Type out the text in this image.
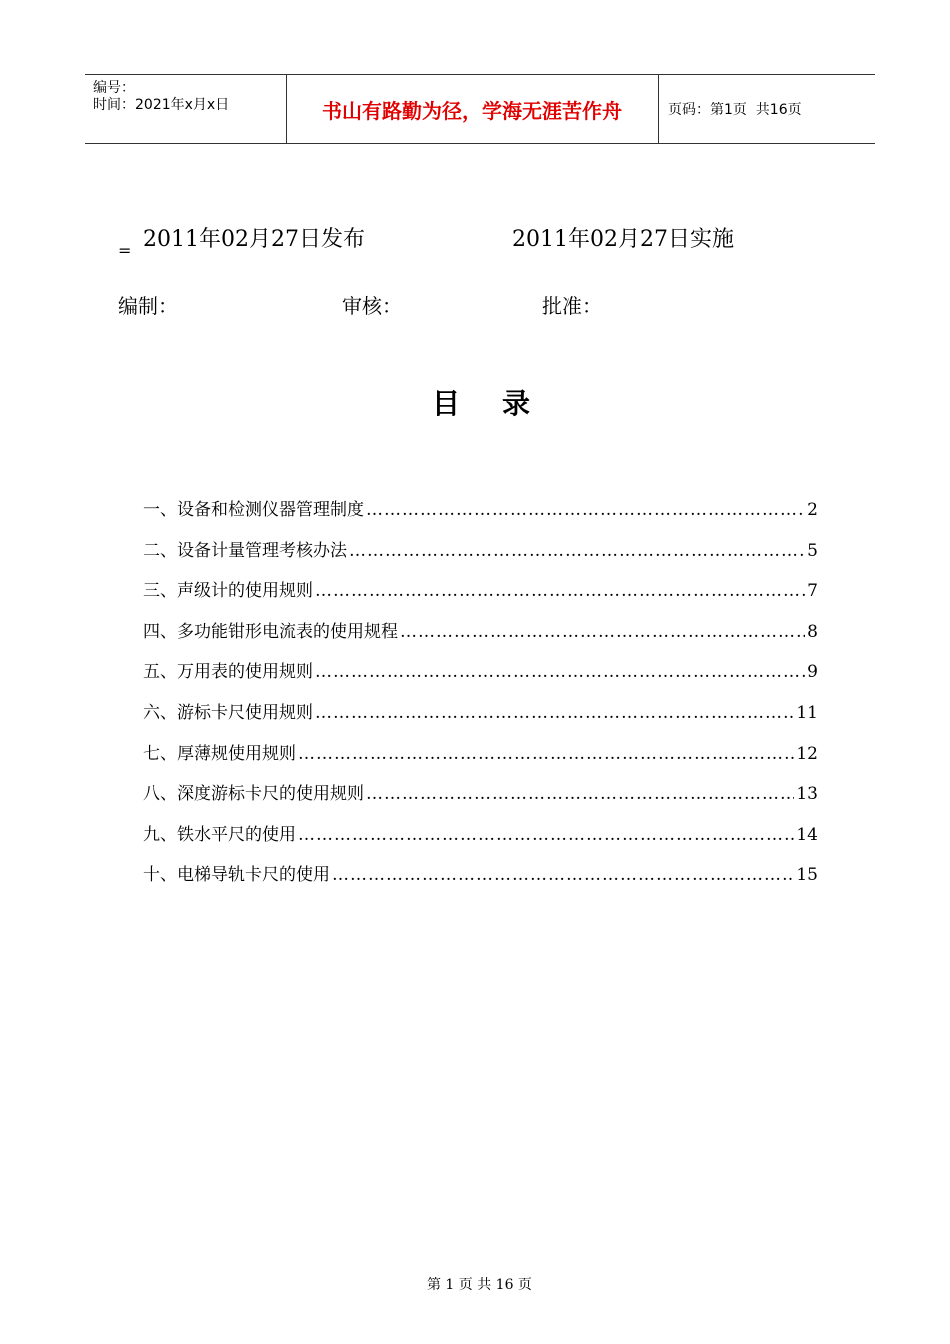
编号：
时间：2021年x月x日	书山有路勤为径，学海无涯苦作舟	页码：第1页  共16页
2011年02月27日发布	2011年02月27日实施
=
编制：	审核：	批准：
目录
一、设备和检测仪器管理制度 …………………………………………………………………………………………………………………………………………	2
二、设备计量管理考核办法 …………………………………………………………………………………………………………………………………………	5
三、声级计的使用规则 …………………………………………………………………………………………………………………………………………	7
四、多功能钳形电流表的使用规程 …………………………………………………………………………………………………………………………………………	8
五、万用表的使用规则 …………………………………………………………………………………………………………………………………………	9
六、游标卡尺使用规则 …………………………………………………………………………………………………………………………………………	11
七、厚薄规使用规则 …………………………………………………………………………………………………………………………………………	12
八、深度游标卡尺的使用规则 …………………………………………………………………………………………………………………………………………	13
九、铁水平尺的使用 …………………………………………………………………………………………………………………………………………	14
十、电梯导轨卡尺的使用 …………………………………………………………………………………………………………………………………………	15

第 1 页 共 16 页
